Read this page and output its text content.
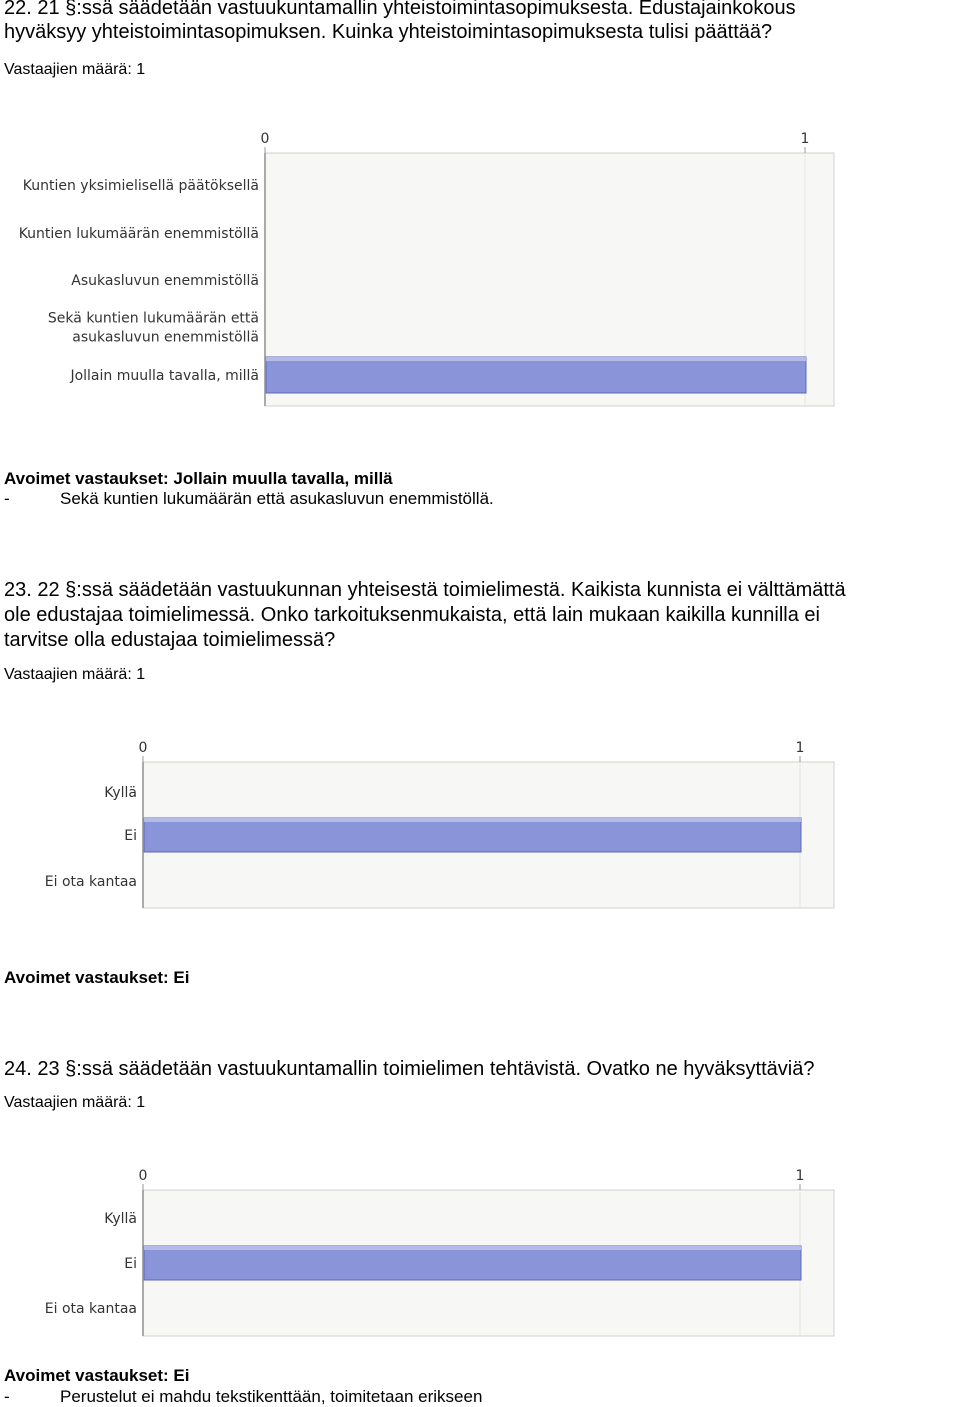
22. 21 §:ssä säädetään vastuukuntamallin yhteistoimintasopimuksesta. Edustajainkokous

hyväksyy yhteistoimintasopimuksen. Kuinka yhteistoimintasopimuksesta tulisi päättää?

Vastaajien määrä: 1
0	1
Kuntien yksimielisellä päätöksellä
Kuntien lukumäärän enemmistöllä
Asukasluvun enemmistöllä
Sekä kuntien lukumäärän että
asukasluvun enemmistöllä
Jollain muulla tavalla, millä
Avoimet vastaukset: Jollain muulla tavalla, millä
-	Sekä kuntien lukumäärän että asukasluvun enemmistöllä.

23. 22 §:ssä säädetään vastuukunnan yhteisestä toimielimestä. Kaikista kunnista ei välttämättä

ole edustajaa toimielimessä. Onko tarkoituksenmukaista, että lain mukaan kaikilla kunnilla ei

tarvitse olla edustajaa toimielimessä?

Vastaajien määrä: 1
0	1
Kyllä
Ei
Ei ota kantaa
Avoimet vastaukset: Ei

24. 23 §:ssä säädetään vastuukuntamallin toimielimen tehtävistä. Ovatko ne hyväksyttäviä?

Vastaajien määrä: 1
0	1
Kyllä
Ei
Ei ota kantaa
Avoimet vastaukset: Ei
-	Perustelut ei mahdu tekstikenttään, toimitetaan erikseen
